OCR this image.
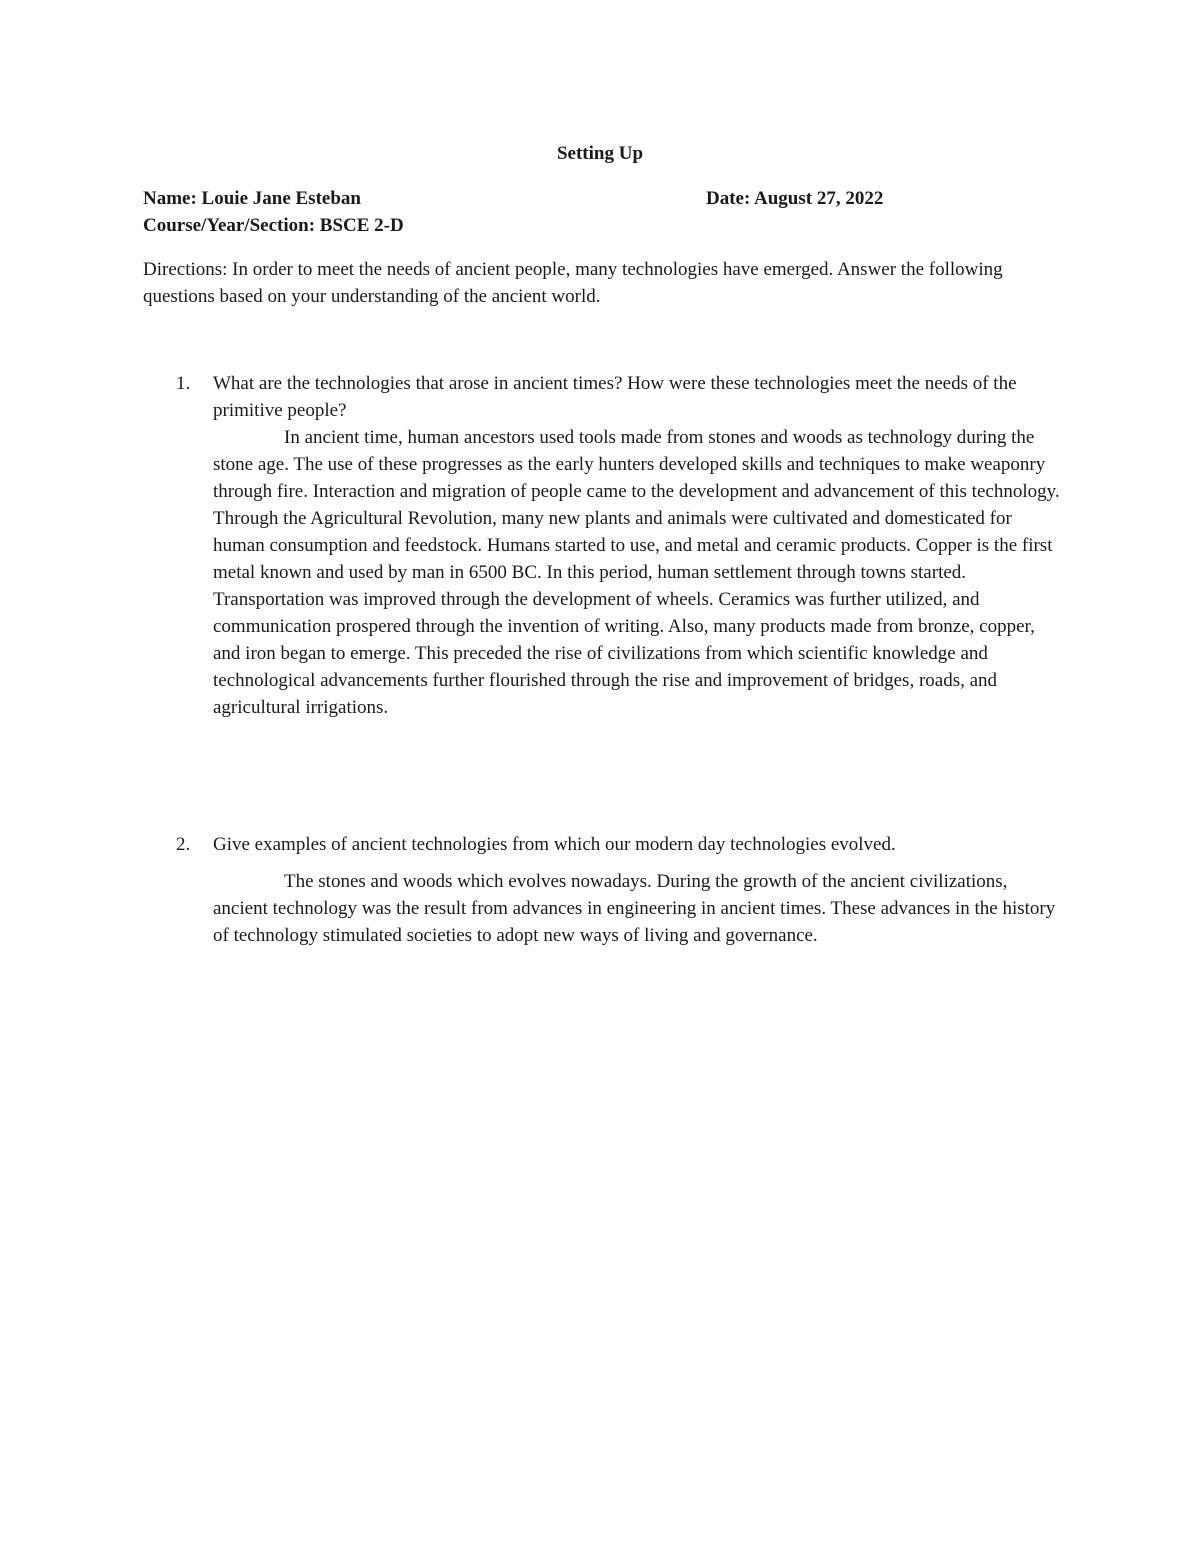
Setting Up
Name: Louie Jane Esteban	Date: August 27, 2022
Course/Year/Section: BSCE 2-D
Directions: In order to meet the needs of ancient people, many technologies have emerged. Answer the following questions based on your understanding of the ancient world.
1. What are the technologies that arose in ancient times? How were these technologies meet the needs of the primitive people?
In ancient time, human ancestors used tools made from stones and woods as technology during the stone age. The use of these progresses as the early hunters developed skills and techniques to make weaponry through fire. Interaction and migration of people came to the development and advancement of this technology. Through the Agricultural Revolution, many new plants and animals were cultivated and domesticated for human consumption and feedstock. Humans started to use, and metal and ceramic products. Copper is the first metal known and used by man in 6500 BC. In this period, human settlement through towns started. Transportation was improved through the development of wheels. Ceramics was further utilized, and communication prospered through the invention of writing. Also, many products made from bronze, copper, and iron began to emerge. This preceded the rise of civilizations from which scientific knowledge and technological advancements further flourished through the rise and improvement of bridges, roads, and agricultural irrigations.
2. Give examples of ancient technologies from which our modern day technologies evolved.
The stones and woods which evolves nowadays. During the growth of the ancient civilizations, ancient technology was the result from advances in engineering in ancient times. These advances in the history of technology stimulated societies to adopt new ways of living and governance.
